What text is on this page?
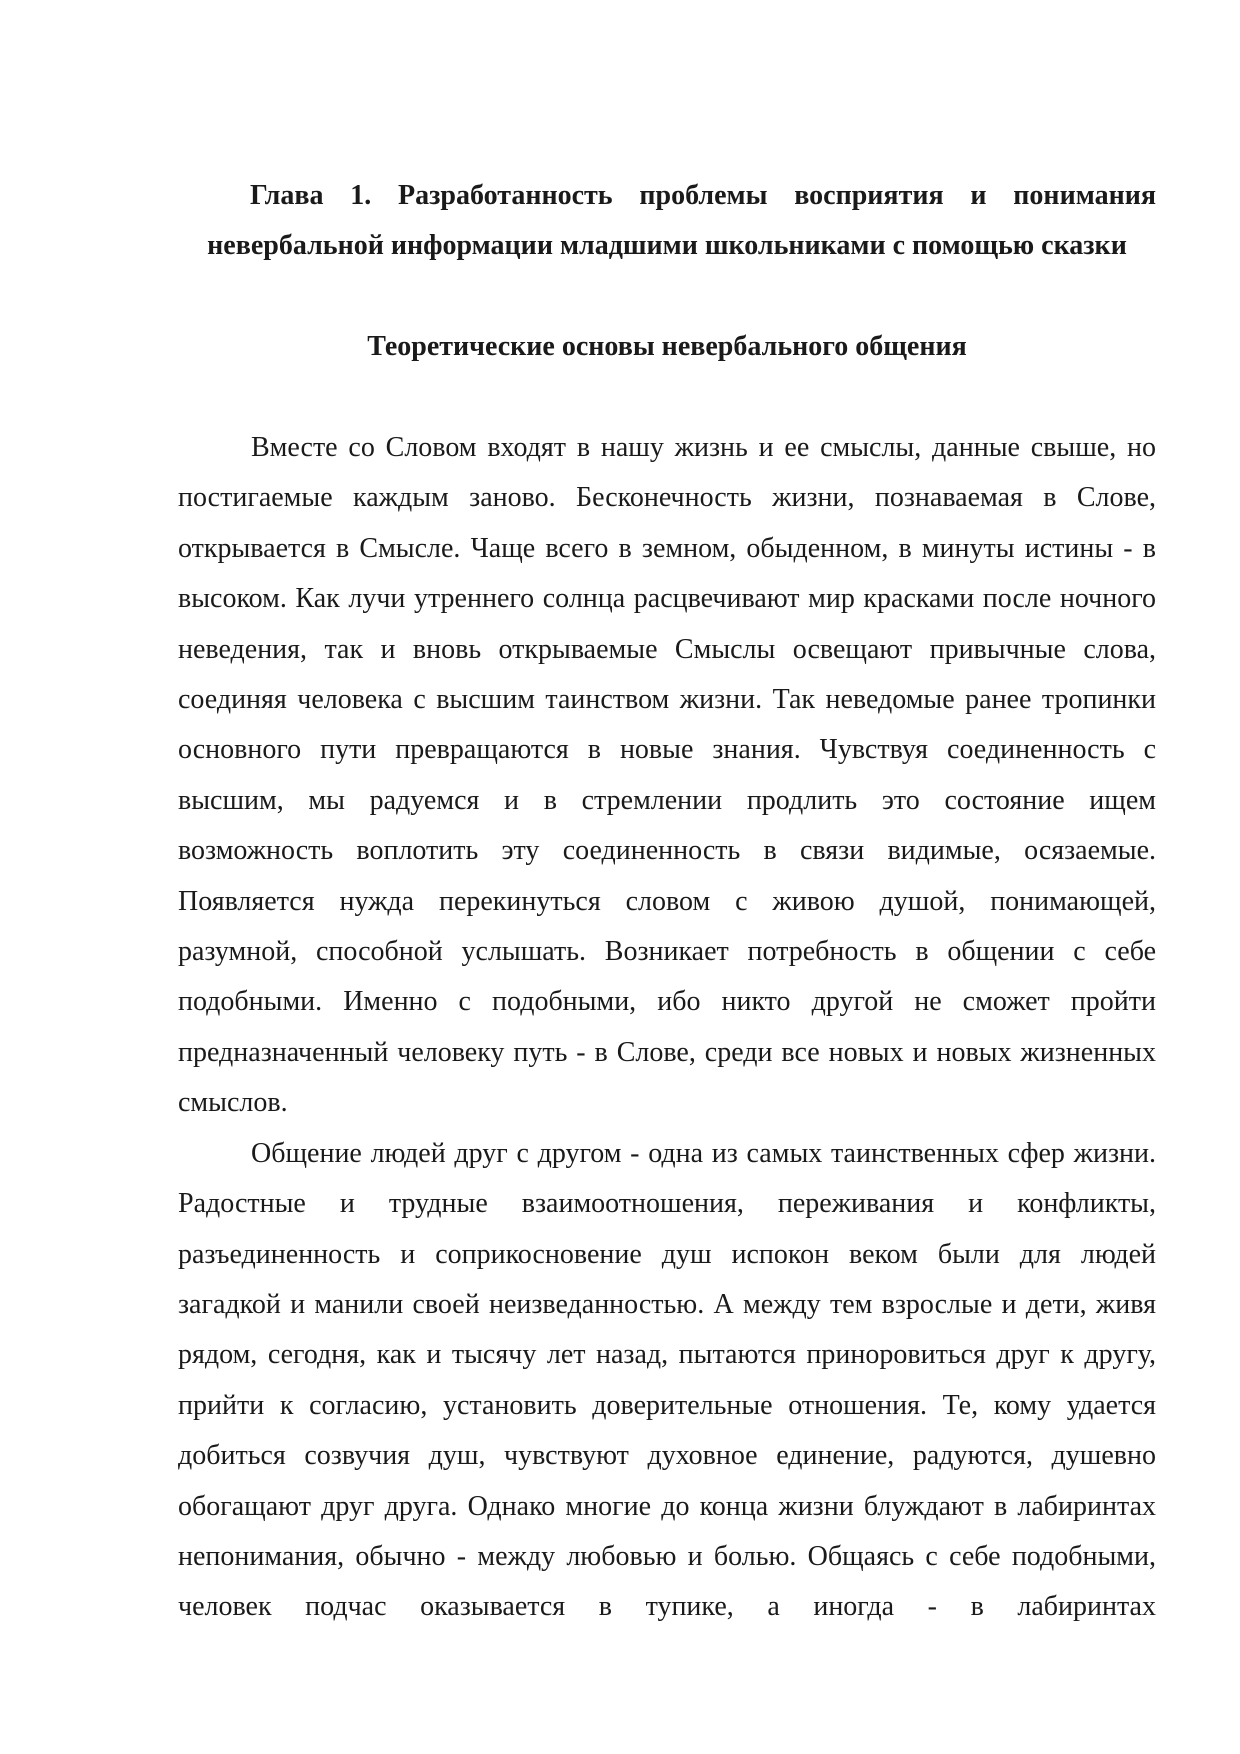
Глава 1. Разработанность проблемы восприятия и понимания невербальной информации младшими школьниками с помощью сказки
Теоретические основы невербального общения

Вместе со Словом входят в нашу жизнь и ее смыслы, данные свыше, но постигаемые каждым заново. Бесконечность жизни, познаваемая в Слове, открывается в Смысле. Чаще всего в земном, обыденном, в минуты истины - в высоком. Как лучи утреннего солнца расцвечивают мир красками после ночного неведения, так и вновь открываемые Смыслы освещают привычные слова, соединяя человека с высшим таинством жизни. Так неведомые ранее тропинки основного пути превращаются в новые знания. Чувствуя соединенность с высшим, мы радуемся и в стремлении продлить это состояние ищем возможность воплотить эту соединенность в связи видимые, осязаемые. Появляется нужда перекинуться словом с живою душой, понимающей, разумной, способной услышать. Возникает потребность в общении с себе подобными. Именно с подобными, ибо никто другой не сможет пройти предназначенный человеку путь - в Слове, среди все новых и новых жизненных смыслов.

Общение людей друг с другом - одна из самых таинственных сфер жизни. Радостные и трудные взаимоотношения, переживания и конфликты, разъединенность и соприкосновение душ испокон веком были для людей загадкой и манили своей неизведанностью. А между тем взрослые и дети, живя рядом, сегодня, как и тысячу лет назад, пытаются приноровиться друг к другу, прийти к согласию, установить доверительные отношения. Те, кому удается добиться созвучия душ, чувствуют духовное единение, радуются, душевно обогащают друг друга. Однако многие до конца жизни блуждают в лабиринтах непонимания, обычно - между любовью и болью. Общаясь с себе подобными, человек подчас оказывается в тупике, а иногда - в лабиринтах
